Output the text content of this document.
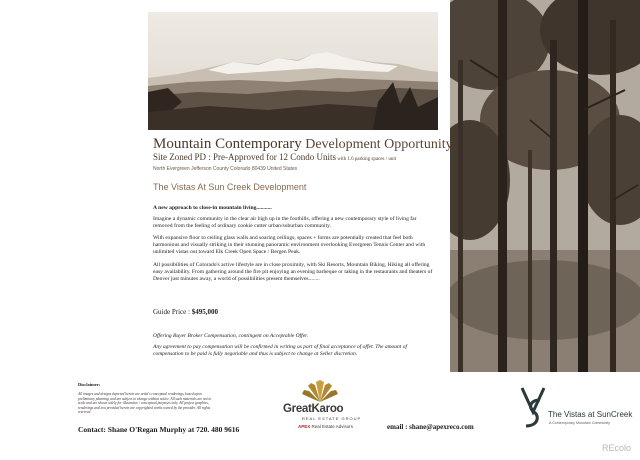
Mountain Contemporary Development Opportunity
Site Zoned PD : Pre-Approved for 12 Condo Units with 1.6 parking spaces / unit
North Evergreen Jefferson County Colorado 80439 United States
The Vistas At Sun Creek Development
A new approach to close-in mountain living...........
Imagine a dynamic community in the clear air high up in the foothills, offering a new contemporary style of living far removed from the feeling of ordinary cookie cutter urban/suburban community.
With expansive floor to ceiling glass walls and soaring ceilings, spaces + forms are potentially created that feel both harmonious and visually striking in their stunning panoramic environment overlooking Evergreen Tennis Center and with unlimited vistas out toward Elk Creek Open Space / Bergen Peak.
All possibilities of Colorado's active lifestyle are in close proximity, with Ski Resorts, Mountain Biking, Hiking all offering easy availability. From gathering around the fire pit enjoying an evening barbeque or taking in the restaurants and theaters of Denver just minutes away, a world of possibilities present themselves........
Guide Price : $495,000
Offering Buyer Broker Compensation, contingent on Acceptable Offer.
Any agreement to pay compensation will be confirmed in writing as part of final acceptance of offer. The amount of compensation to be paid is fully negotiable and thus is subject to change at Seller discretion.
Disclaimer:
All images and designs depicted herein are artist's conceptual renderings, based upon preliminary planning, and are subject to change without notice. All such materials are not to scale and are shown solely for illustrative / conceptual purposes only. All project graphics, renderings and text provided herein are copyrighted works owned by the provider. All rights reserved.
Contact: Shane O'Regan Murphy at 720. 480 9616	email : shane@apexreco.com
GreatKaroo
REAL ESTATE GROUP
APEX Real Estate Advisors
The Vistas at SunCreek
A Contemporary Mountain Community
REcolo
